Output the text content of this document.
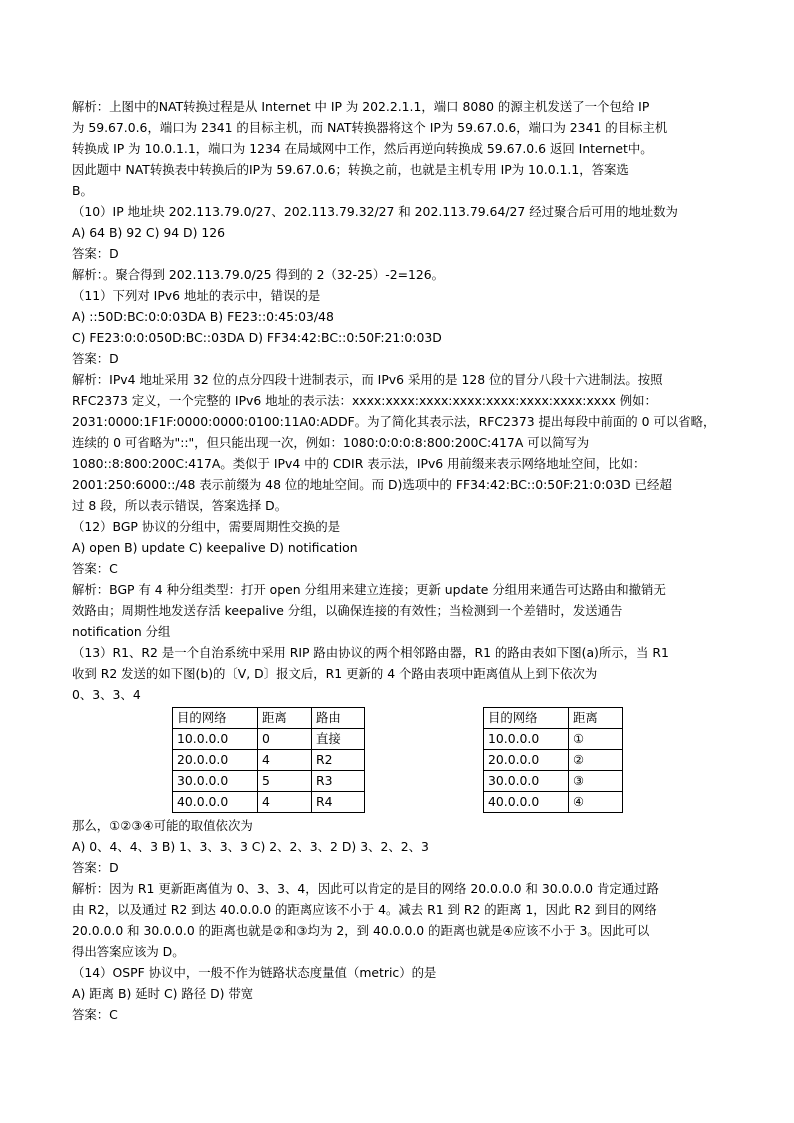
解析：上图中的NAT转换过程是从 Internet 中 IP 为 202.2.1.1，端口 8080 的源主机发送了一个包给 IP
为 59.67.0.6，端口为 2341 的目标主机，而 NAT转换器将这个 IP为 59.67.0.6，端口为 2341 的目标主机
转换成 IP 为 10.0.1.1，端口为 1234 在局域网中工作，然后再逆向转换成 59.67.0.6 返回 Internet中。
因此题中 NAT转换表中转换后的IP为 59.67.0.6；转换之前，也就是主机专用 IP为 10.0.1.1，答案选
B。
（10）IP 地址块 202.113.79.0/27、202.113.79.32/27 和 202.113.79.64/27 经过聚合后可用的地址数为
A) 64 B) 92 C) 94 D) 126
答案：D
解析：。聚合得到 202.113.79.0/25 得到的 2（32-25）-2=126。
（11）下列对 IPv6 地址的表示中，错误的是
A) ::50D:BC:0:0:03DA B) FE23::0:45:03/48
C) FE23:0:0:050D:BC::03DA D) FF34:42:BC::0:50F:21:0:03D
答案：D
解析：IPv4 地址采用 32 位的点分四段十进制表示，而 IPv6 采用的是 128 位的冒分八段十六进制法。按照
RFC2373 定义，一个完整的 IPv6 地址的表示法：xxxx:xxxx:xxxx:xxxx:xxxx:xxxx:xxxx:xxxx 例如：
2031:0000:1F1F:0000:0000:0100:11A0:ADDF。为了简化其表示法，RFC2373 提出每段中前面的 0 可以省略，
连续的 0 可省略为"::"，但只能出现一次，例如：1080:0:0:0:8:800:200C:417A 可以简写为
1080::8:800:200C:417A。类似于 IPv4 中的 CDIR 表示法，IPv6 用前缀来表示网络地址空间，比如：
2001:250:6000::/48 表示前缀为 48 位的地址空间。而 D)选项中的 FF34:42:BC::0:50F:21:0:03D 已经超
过 8 段，所以表示错误，答案选择 D。
（12）BGP 协议的分组中，需要周期性交换的是
A) open B) update C) keepalive D) notification
答案：C
解析：BGP 有 4 种分组类型：打开 open 分组用来建立连接；更新 update 分组用来通告可达路由和撤销无
效路由；周期性地发送存活 keepalive 分组，以确保连接的有效性；当检测到一个差错时，发送通告
notification 分组
（13）R1、R2 是一个自治系统中采用 RIP 路由协议的两个相邻路由器，R1 的路由表如下图(a)所示，当 R1
收到 R2 发送的如下图(b)的〔V, D〕报文后，R1 更新的 4 个路由表项中距离值从上到下依次为
0、3、3、4
目的网络	距离	路由
10.0.0.0	0	直接
20.0.0.0	4	R2
30.0.0.0	5	R3
40.0.0.0	4	R4
目的网络	距离
10.0.0.0	①
20.0.0.0	②
30.0.0.0	③
40.0.0.0	④
那么，①②③④可能的取值依次为
A) 0、4、4、3 B) 1、3、3、3 C) 2、2、3、2 D) 3、2、2、3
答案：D
解析：因为 R1 更新距离值为 0、3、3、4，因此可以肯定的是目的网络 20.0.0.0 和 30.0.0.0 肯定通过路
由 R2，以及通过 R2 到达 40.0.0.0 的距离应该不小于 4。减去 R1 到 R2 的距离 1，因此 R2 到目的网络
20.0.0.0 和 30.0.0.0 的距离也就是②和③均为 2，到 40.0.0.0 的距离也就是④应该不小于 3。因此可以
得出答案应该为 D。
（14）OSPF 协议中，一般不作为链路状态度量值（metric）的是
A) 距离 B) 延时 C) 路径 D) 带宽
答案：C
